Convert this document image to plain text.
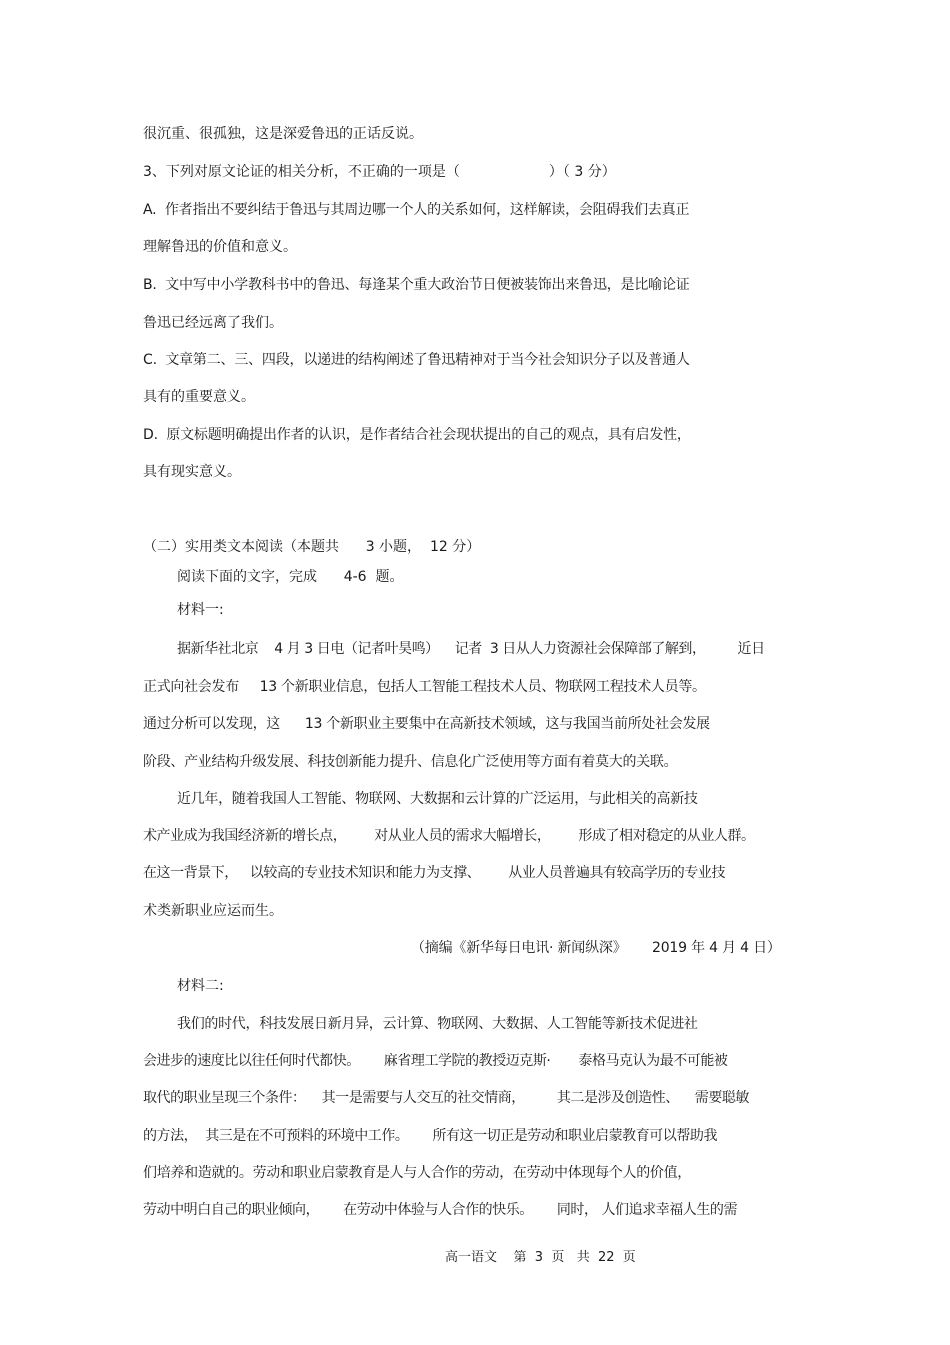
很沉重、很孤独，这是深爱鲁迅的正话反说。
3、下列对原文论证的相关分析，不正确的一项是（                    ）（ 3 分）
A.  作者指出不要纠结于鲁迅与其周边哪一个人的关系如何，这样解读，会阻碍我们去真正
理解鲁迅的价值和意义。
B.  文中写中小学教科书中的鲁迅、每逢某个重大政治节日便被装饰出来鲁迅，是比喻论证
鲁迅已经远离了我们。
C.  文章第二、三、四段，以递进的结构阐述了鲁迅精神对于当今社会知识分子以及普通人
具有的重要意义。
D.  原文标题明确提出作者的认识，是作者结合社会现状提出的自己的观点，具有启发性，
具有现实意义。
（二）实用类文本阅读（本题共      3 小题，  12 分）
阅读下面的文字，完成      4-6  题。
材料一:
据新华社北京    4 月 3 日电（记者叶昊鸣）    记者  3 日从人力资源社会保障部了解到，        近日
正式向社会发布     13 个新职业信息，包括人工智能工程技术人员、物联网工程技术人员等。
通过分析可以发现，这      13 个新职业主要集中在高新技术领域，这与我国当前所处社会发展
阶段、产业结构升级发展、科技创新能力提升、信息化广泛使用等方面有着莫大的关联。
近几年，随着我国人工智能、物联网、大数据和云计算的广泛运用，与此相关的高新技
术产业成为我国经济新的增长点，       对从业人员的需求大幅增长，       形成了相对稳定的从业人群。
在这一背景下，   以较高的专业技术知识和能力为支撑、       从业人员普遍具有较高学历的专业技
术类新职业应运而生。
（摘编《新华每日电讯· 新闻纵深》      2019 年 4 月 4 日）
材料二:
我们的时代，科技发展日新月异，云计算、物联网、大数据、人工智能等新技术促进社
会进步的速度比以往任何时代都快。      麻省理工学院的教授迈克斯·       泰格马克认为最不可能被
取代的职业呈现三个条件：    其一是需要与人交互的社交情商，        其二是涉及创造性、    需要聪敏
的方法，  其三是在不可预料的环境中工作。      所有这一切正是劳动和职业启蒙教育可以帮助我
们培养和造就的。劳动和职业启蒙教育是人与人合作的劳动，在劳动中体现每个人的价值，
劳动中明白自己的职业倾向，      在劳动中体验与人合作的快乐。      同时， 人们追求幸福人生的需
高一语文    第  3  页   共  22  页
